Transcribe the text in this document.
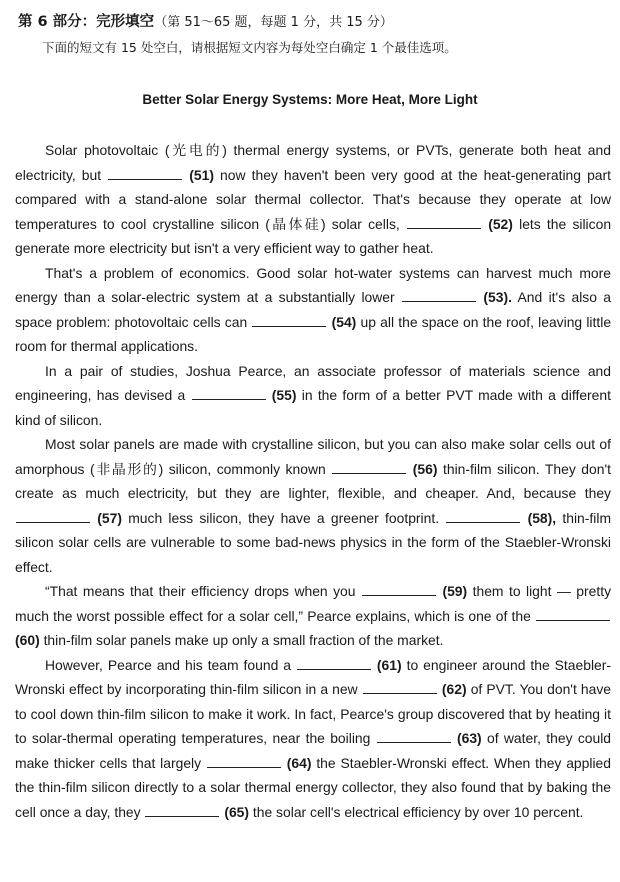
第 6 部分：完形填空（第 51～65 题，每题 1 分，共 15 分）
下面的短文有 15 处空白，请根据短文内容为每处空白确定 1 个最佳选项。
Better Solar Energy Systems: More Heat, More Light

Solar photovoltaic (光电的) thermal energy systems, or PVTs, generate both heat and electricity, but	(51) now they haven't been very good at the heat-generating part compared with a stand-alone solar thermal collector. That's because they operate at low temperatures to cool crystalline silicon (晶体硅) solar cells,	(52) lets the silicon generate more electricity but isn't a very efficient way to gather heat.

That's a problem of economics. Good solar hot-water systems can harvest much more energy than a solar-electric system at a substantially lower	(53). And it's also a space problem: photovoltaic cells can	(54) up all the space on the roof, leaving little room for thermal applications.

In a pair of studies, Joshua Pearce, an associate professor of materials science and engineering, has devised a	(55) in the form of a better PVT made with a different kind of silicon.

Most solar panels are made with crystalline silicon, but you can also make solar cells out of amorphous (非晶形的) silicon, commonly known	(56) thin-film silicon. They don't create as much electricity, but they are lighter, flexible, and cheaper. And, because they  (57) much less silicon, they have a greener footprint.	(58), thin-film silicon solar cells are vulnerable to some bad-news physics in the form of the Staebler-Wronski effect.

“That means that their efficiency drops when you	(59) them to light — pretty much the worst possible effect for a solar cell,” Pearce explains, which is one of the  (60) thin-film solar panels make up only a small fraction of the market.

However, Pearce and his team found a	(61) to engineer around the Staebler-Wronski effect by incorporating thin-film silicon in a new	(62) of PVT. You don't have to cool down thin-film silicon to make it work. In fact, Pearce's group discovered that by heating it to solar-thermal operating temperatures, near the boiling	(63) of water, they could make thicker cells that largely	(64) the Staebler-Wronski effect. When they applied the thin-film silicon directly to a solar thermal energy collector, they also found that by baking the cell once a day, they	(65) the solar cell's electrical efficiency by over 10 percent.
